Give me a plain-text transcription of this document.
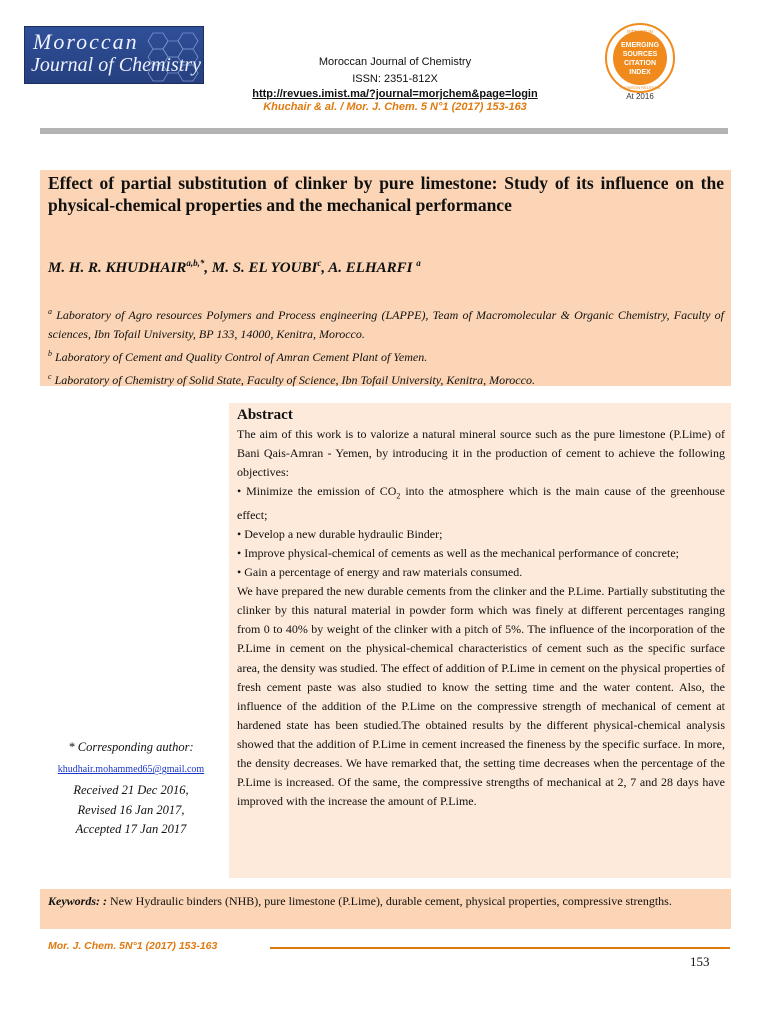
Moroccan
Journal of Chemistry	Moroccan Journal of Chemistry
ISSN: 2351-812X
http://revues.imist.ma/?journal=morjchem&page=login
Khuchair & al. / Mor. J. Chem. 5 N°1 (2017) 153-163
INDEXED IN
EMERGING
SOURCES
CITATION
INDEX
THOMSON REUTERS
At 2016
Effect of partial substitution of clinker by pure limestone: Study of its influence on the physical-chemical properties and the mechanical performance
M. H. R. $KHUDHAIR^{a,b,*}$, M. S. EL YOUBI$^c$, A. ELHARFI $^a$
$^a$ Laboratory of Agro resources Polymers and Process engineering (LAPPE), Team of Macromolecular & Organic Chemistry, Faculty of sciences, Ibn Tofail University, BP 133, 14000, Kenitra, Morocco.
$^b$ Laboratory of Cement and Quality Control of Amran Cement Plant of Yemen.
$^c$ Laboratory of Chemistry of Solid State, Faculty of Science, Ibn Tofail University, Kenitra, Morocco.
Abstract

The aim of this work is to valorize a natural mineral source such as the pure limestone (P.Lime) of Bani Qais-Amran - Yemen, by introducing it in the production of cement to achieve the following objectives:

• Minimize the emission of $CO_2$ into the atmosphere which is the main cause of the greenhouse effect;

• Develop a new durable hydraulic Binder;

• Improve physical-chemical of cements as well as the mechanical performance of concrete;

• Gain a percentage of energy and raw materials consumed.

We have prepared the new durable cements from the clinker and the P.Lime. Partially substituting the clinker by this natural material in powder form which was finely at different percentages ranging from 0 to 40% by weight of the clinker with a pitch of 5%. The influence of the incorporation of the P.Lime in cement on the physical-chemical characteristics of cement such as the specific surface area, the density was studied. The effect of addition of P.Lime in cement on the physical properties of fresh cement paste was also studied to know the setting time and the water content. Also, the influence of the addition of the P.Lime on the compressive strength of mechanical of cement at hardened state has been studied.The obtained results by the different physical-chemical analysis showed that the addition of P.Lime in cement increased the fineness by the specific surface. In more, the density decreases. We have remarked that, the setting time decreases when the percentage of the P.Lime is increased. Of the same, the compressive strengths of mechanical at 2, 7 and 28 days have improved with the increase the amount of P.Lime.

* Corresponding author:
khudhair.mohammed65@gmail.com
Received 21 Dec 2016,
Revised 16 Jan 2017,
Accepted 17 Jan 2017
Keywords: : New Hydraulic binders (NHB), pure limestone (P.Lime), durable cement, physical properties, compressive strengths.
Mor. J. Chem. 5N°1 (2017) 153-163
153
